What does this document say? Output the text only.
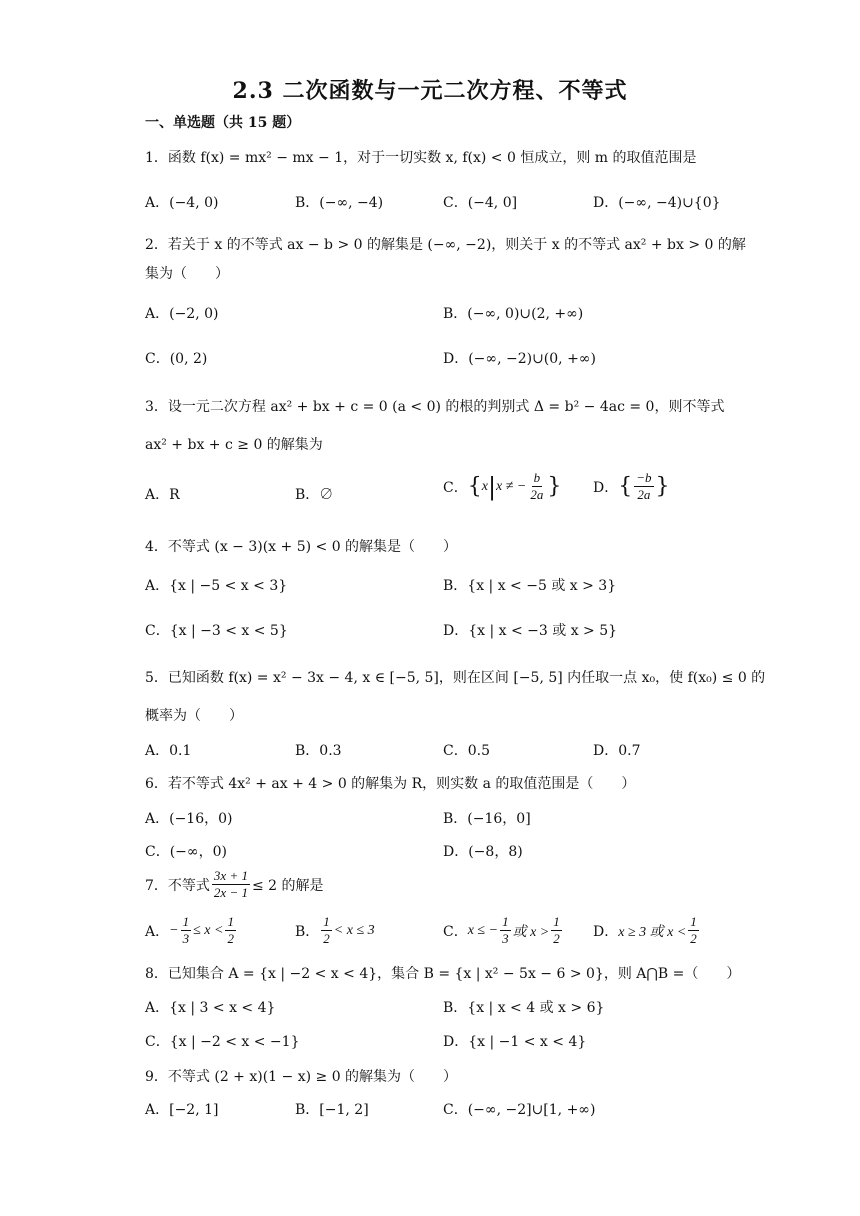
2.3 二次函数与一元二次方程、不等式
一、单选题（共 15 题）
1．函数 f(x) = mx² − mx − 1，对于一切实数 x, f(x) < 0 恒成立，则 m 的取值范围是
A．(−4, 0)	B．(−∞, −4)	C．(−4, 0]	D．(−∞, −4)∪{0}
2．若关于 x 的不等式 ax − b > 0 的解集是 (−∞, −2)，则关于 x 的不等式 ax² + bx > 0 的解
集为（　　）
A．(−2, 0)	B．(−∞, 0)∪(2, +∞)
C．(0, 2)	D．(−∞, −2)∪(0, +∞)
3．设一元二次方程 ax² + bx + c = 0 (a < 0) 的根的判别式 Δ = b² − 4ac = 0，则不等式
ax² + bx + c ≥ 0 的解集为
A．R	B．∅	C． { x | x ≠ − $\frac{b}{2a}$ } D． { $\frac{-b}{2a}$ }
4．不等式 (x − 3)(x + 5) < 0 的解集是（　　）
A．{x | −5 < x < 3}	B．{x | x < −5 或 x > 3}
C．{x | −3 < x < 5}	D．{x | x < −3 或 x > 5}
5．已知函数 f(x) = x² − 3x − 4, x ∈ [−5, 5]，则在区间 [−5, 5] 内任取一点 x₀，使 f(x₀) ≤ 0 的
概率为（　　）
A．0.1	B．0.3	C．0.5	D．0.7
6．若不等式 4x² + ax + 4 > 0 的解集为 R，则实数 a 的取值范围是（　　）
A．(−16，0)	B．(−16，0]
C．(−∞，0)	D．(−8，8)
7．不等式 $\frac{3x + 1}{2x - 1} \le 2$ 的解是
A． − $\frac{1}{3} \le x < \frac{1}{2}$	B． $\frac{1}{2} < x \le 3$	C． x ≤ − $\frac{1}{3}$ 或 $x > \frac{1}{2}$ D． x ≥ 3 或 $x < \frac{1}{2}$
8．已知集合 A = {x | −2 < x < 4}，集合 B = {x | x² − 5x − 6 > 0}，则 A⋂B =（　　）
A．{x | 3 < x < 4}	B．{x | x < 4 或 x > 6}
C．{x | −2 < x < −1}	D．{x | −1 < x < 4}
9．不等式 (2 + x)(1 − x) ≥ 0 的解集为（　　）
A．[−2, 1]	B．[−1, 2]	C．(−∞, −2]∪[1, +∞)
